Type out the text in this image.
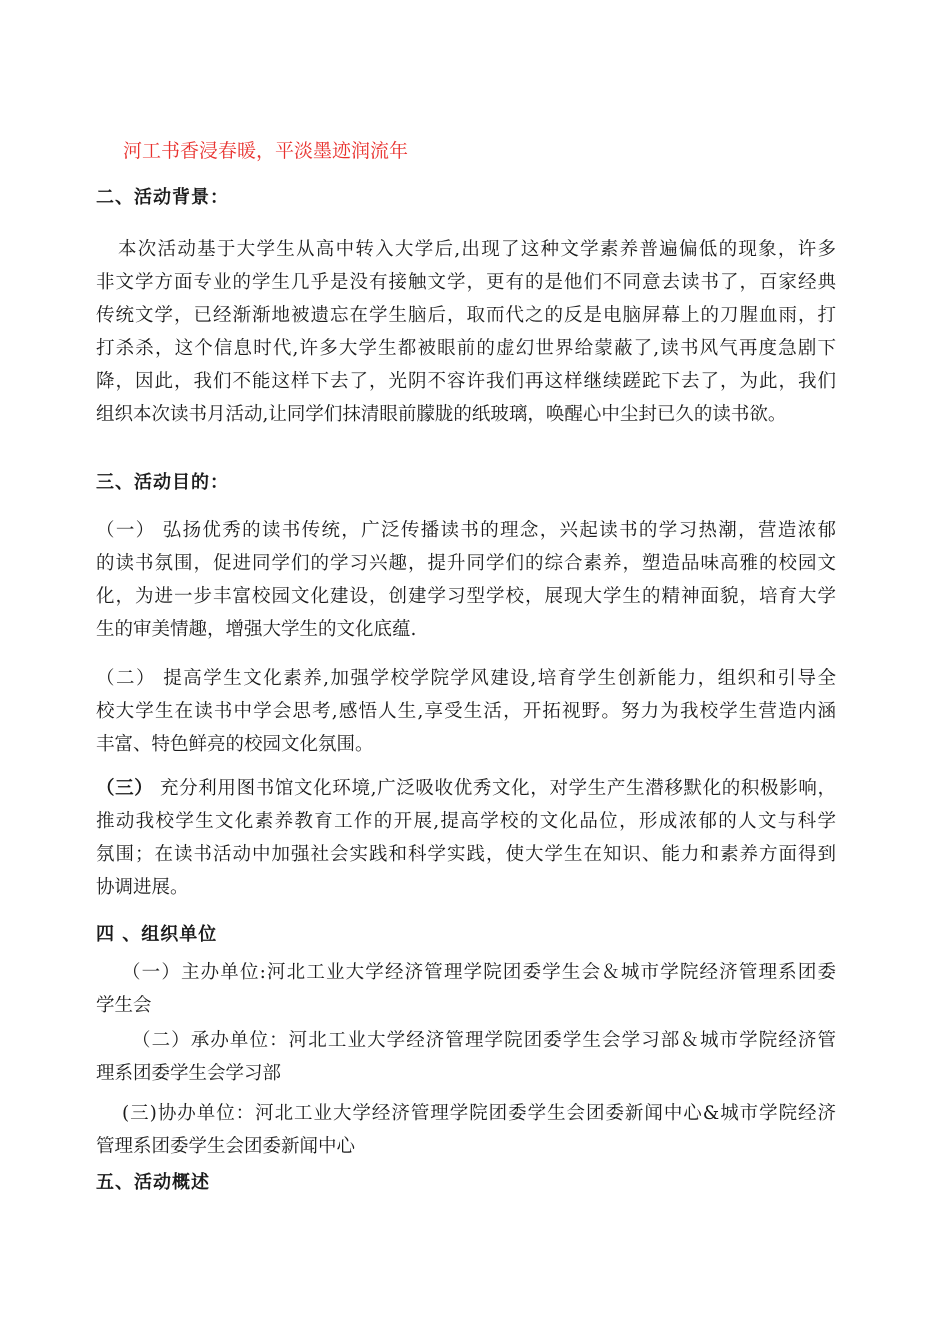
河工书香浸春暖，平淡墨迹润流年
二、活动背景：
本次活动基于大学生从高中转入大学后,出现了这种文学素养普遍偏低的现象，许多
非文学方面专业的学生几乎是没有接触文学，更有的是他们不同意去读书了，百家经典
传统文学，已经渐渐地被遗忘在学生脑后，取而代之的反是电脑屏幕上的刀腥血雨，打
打杀杀，这个信息时代,许多大学生都被眼前的虚幻世界给蒙蔽了,读书风气再度急剧下
降，因此，我们不能这样下去了，光阴不容许我们再这样继续蹉跎下去了，为此，我们
组织本次读书月活动,让同学们抹清眼前朦胧的纸玻璃，唤醒心中尘封已久的读书欲。
三、活动目的：
（一） 弘扬优秀的读书传统，广泛传播读书的理念，兴起读书的学习热潮，营造浓郁
的读书氛围，促进同学们的学习兴趣，提升同学们的综合素养，塑造品味高雅的校园文
化，为进一步丰富校园文化建设，创建学习型学校，展现大学生的精神面貌，培育大学
生的审美情趣，增强大学生的文化底蕴.
（二） 提高学生文化素养,加强学校学院学风建设,培育学生创新能力，组织和引导全
校大学生在读书中学会思考,感悟人生,享受生活，开拓视野。努力为我校学生营造内涵
丰富、特色鲜亮的校园文化氛围。
（三） 充分利用图书馆文化环境,广泛吸收优秀文化，对学生产生潜移默化的积极影响，
推动我校学生文化素养教育工作的开展,提高学校的文化品位，形成浓郁的人文与科学
氛围；在读书活动中加强社会实践和科学实践，使大学生在知识、能力和素养方面得到
协调进展。
四 、组织单位
（一）主办单位:河北工业大学经济管理学院团委学生会＆城市学院经济管理系团委
学生会
（二）承办单位：河北工业大学经济管理学院团委学生会学习部＆城市学院经济管
理系团委学生会学习部
(三)协办单位：河北工业大学经济管理学院团委学生会团委新闻中心&城市学院经济
管理系团委学生会团委新闻中心
五、活动概述
